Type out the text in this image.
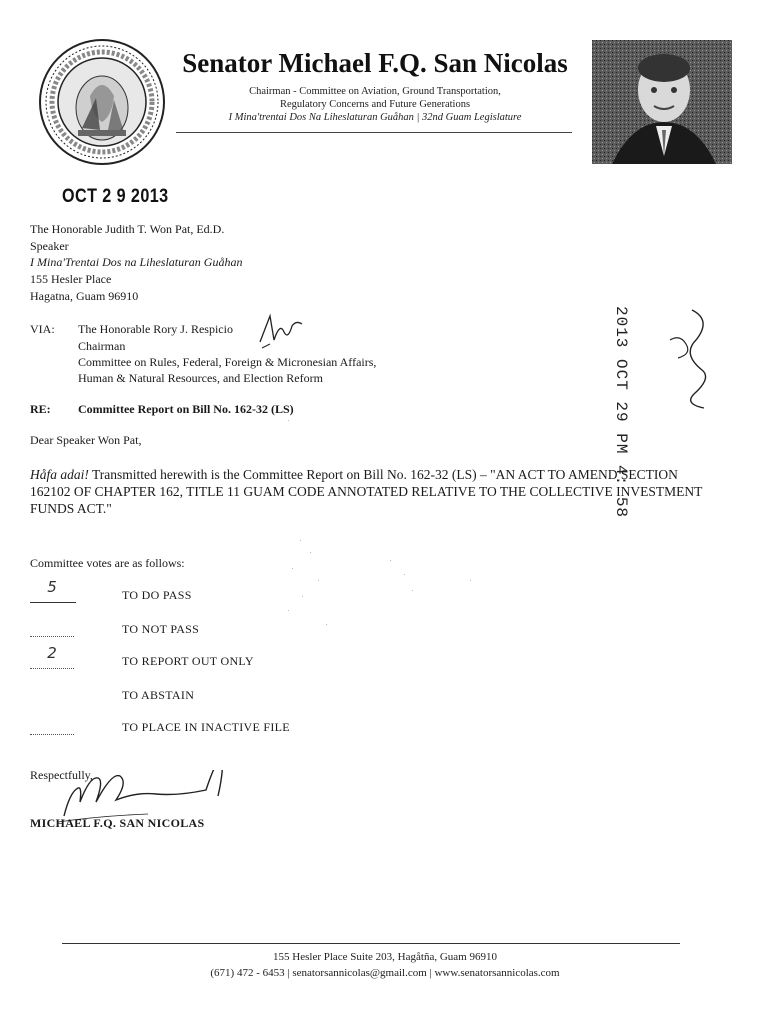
Senator Michael F.Q. San Nicolas
Chairman - Committee on Aviation, Ground Transportation,
Regulatory Concerns and Future Generations
I Mina'trentai Dos Na Liheslaturan Guåhan | 32nd Guam Legislature
OCT 2 9 2013
The Honorable Judith T. Won Pat, Ed.D.
Speaker
I Mina'Trentai Dos na Liheslaturan Guåhan
155 Hesler Place
Hagatna, Guam 96910
2013 OCT 29 PM 4: 58
VIA: The Honorable Rory J. Respicio
Chairman
Committee on Rules, Federal, Foreign & Micronesian Affairs,
Human & Natural Resources, and Election Reform
RE: Committee Report on Bill No. 162-32 (LS)
Dear Speaker Won Pat,
Håfa adai! Transmitted herewith is the Committee Report on Bill No. 162-32 (LS) – "AN ACT TO AMEND SECTION 162102 OF CHAPTER 162, TITLE 11 GUAM CODE ANNOTATED RELATIVE TO THE COLLECTIVE INVESTMENT FUNDS ACT."
Committee votes are as follows:
5	TO DO PASS
TO NOT PASS
2	TO REPORT OUT ONLY
TO ABSTAIN
TO PLACE IN INACTIVE FILE
Respectfully,
MICHAEL F.Q. SAN NICOLAS
155 Hesler Place Suite 203, Hagåtña, Guam 96910
(671) 472 - 6453 | senatorsannicolas@gmail.com | www.senatorsannicolas.com
